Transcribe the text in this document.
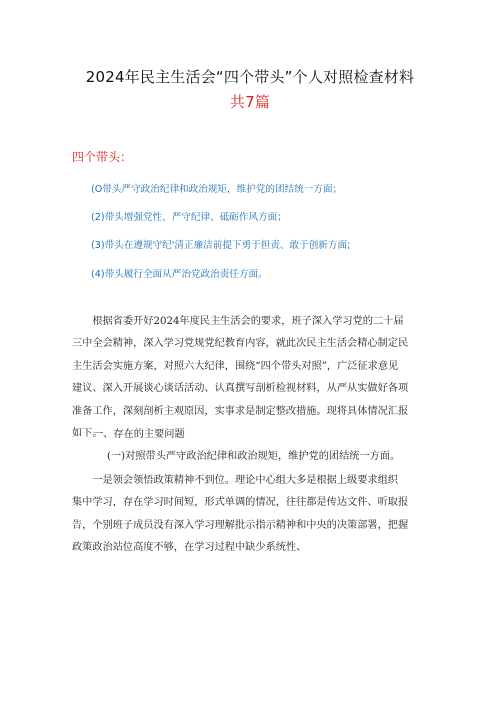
2024年民主生活会“四个带头”个人对照检查材料
共7篇
四个带头：
(O带头严守政治纪律和政治规矩，维护党的团结统一方面；
(2)带头增强党性、严守纪律、砥砺作风方面；
(3)带头在遵规守纪'清正廉洁前提下勇于担责、敢于创新方面;
(4)带头履行全面从严治党政治责任方面。
　　根据省委开好2024年度民主生活会的要求，班子深入学习党的二十届
三中全会精神，深入学习党规党纪教育内容，就此次民主生活会精心制定民
主生活会实施方案，对照六大纪律，围绕“四个带头对照”，广泛征求意见
建议、深入开展谈心谈话活动、认真撰写剖析检视材料，从严从实做好各项
准备工作，深刻剖析主观原因，实事求是制定整改措施。现将具体情况汇报
如下。
一、存在的主要问题
(一)对照带头严守政治纪律和政治规矩，维护党的团结统一方面。
　　一是领会领悟政策精神不到位。理论中心组大多是根据上级要求组织
集中学习，存在学习时间短，形式单调的情况，往往都是传达文件、听取报
告，个别班子成员没有深入学习理解批示指示精神和中央的决策部署，把握
政策政治站位高度不够，在学习过程中缺少系统性、
